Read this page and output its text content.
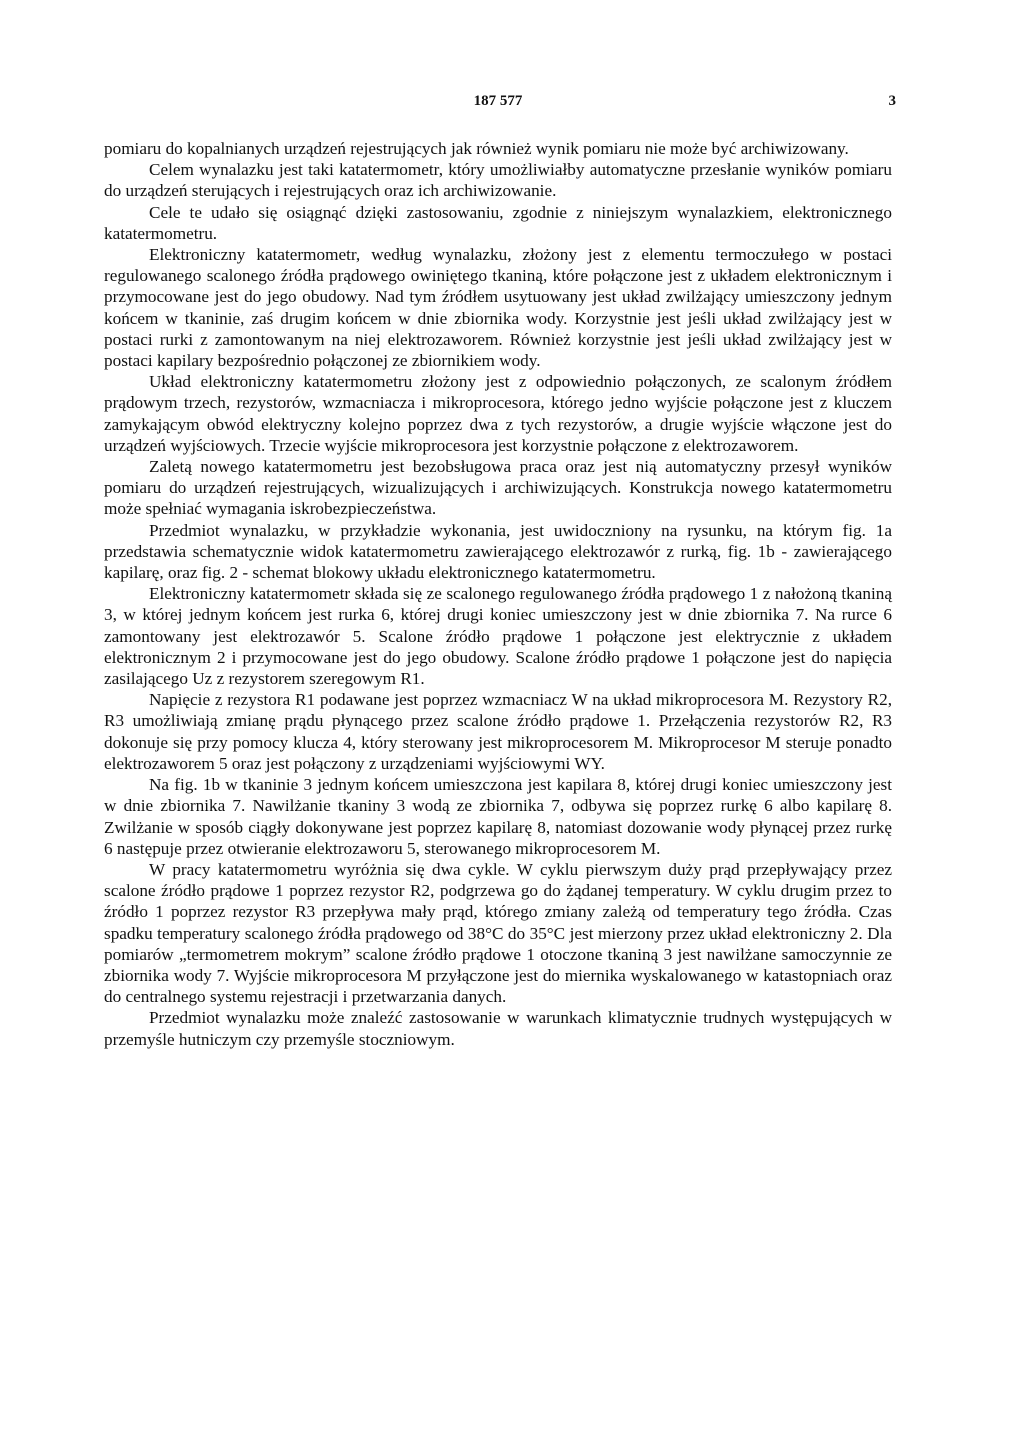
187 577	3

pomiaru do kopalnianych urządzeń rejestrujących jak również wynik pomiaru nie może być archiwizowany.

Celem wynalazku jest taki katatermometr, który umożliwiałby automatyczne przesłanie wyników pomiaru do urządzeń sterujących i rejestrujących oraz ich archiwizowanie.

Cele te udało się osiągnąć dzięki zastosowaniu, zgodnie z niniejszym wynalazkiem, elektronicznego katatermometru.

Elektroniczny katatermometr, według wynalazku, złożony jest z elementu termoczułego w postaci regulowanego scalonego źródła prądowego owiniętego tkaniną, które połączone jest z układem elektronicznym i przymocowane jest do jego obudowy. Nad tym źródłem usytuowany jest układ zwilżający umieszczony jednym końcem w tkaninie, zaś drugim końcem w dnie zbiornika wody. Korzystnie jest jeśli układ zwilżający jest w postaci rurki z zamontowanym na niej elektrozaworem. Również korzystnie jest jeśli układ zwilżający jest w postaci kapilary bezpośrednio połączonej ze zbiornikiem wody.

Układ elektroniczny katatermometru złożony jest z odpowiednio połączonych, ze scalonym źródłem prądowym trzech, rezystorów, wzmacniacza i mikroprocesora, którego jedno wyjście połączone jest z kluczem zamykającym obwód elektryczny kolejno poprzez dwa z tych rezystorów, a drugie wyjście włączone jest do urządzeń wyjściowych. Trzecie wyjście mikroprocesora jest korzystnie połączone z elektrozaworem.

Zaletą nowego katatermometru jest bezobsługowa praca oraz jest nią automatyczny przesył wyników pomiaru do urządzeń rejestrujących, wizualizujących i archiwizujących. Konstrukcja nowego katatermometru może spełniać wymagania iskrobezpieczeństwa.

Przedmiot wynalazku, w przykładzie wykonania, jest uwidoczniony na rysunku, na którym fig. 1a przedstawia schematycznie widok katatermometru zawierającego elektrozawór z rurką, fig. 1b - zawierającego kapilarę, oraz fig. 2 - schemat blokowy układu elektronicznego katatermometru.

Elektroniczny katatermometr składa się ze scalonego regulowanego źródła prądowego 1 z nałożoną tkaniną 3, w której jednym końcem jest rurka 6, której drugi koniec umieszczony jest w dnie zbiornika 7. Na rurce 6 zamontowany jest elektrozawór 5. Scalone źródło prądowe 1 połączone jest elektrycznie z układem elektronicznym 2 i przymocowane jest do jego obudowy. Scalone źródło prądowe 1 połączone jest do napięcia zasilającego Uz z rezystorem szeregowym R1.

Napięcie z rezystora R1 podawane jest poprzez wzmacniacz W na układ mikroprocesora M. Rezystory R2, R3 umożliwiają zmianę prądu płynącego przez scalone źródło prądowe 1. Przełączenia rezystorów R2, R3 dokonuje się przy pomocy klucza 4, który sterowany jest mikroprocesorem M. Mikroprocesor M steruje ponadto elektrozaworem 5 oraz jest połączony z urządzeniami wyjściowymi WY.

Na fig. 1b w tkaninie 3 jednym końcem umieszczona jest kapilara 8, której drugi koniec umieszczony jest w dnie zbiornika 7. Nawilżanie tkaniny 3 wodą ze zbiornika 7, odbywa się poprzez rurkę 6 albo kapilarę 8. Zwilżanie w sposób ciągły dokonywane jest poprzez kapilarę 8, natomiast dozowanie wody płynącej przez rurkę 6 następuje przez otwieranie elektrozaworu 5, sterowanego mikroprocesorem M.

W pracy katatermometru wyróżnia się dwa cykle. W cyklu pierwszym duży prąd przepływający przez scalone źródło prądowe 1 poprzez rezystor R2, podgrzewa go do żądanej temperatury. W cyklu drugim przez to źródło 1 poprzez rezystor R3 przepływa mały prąd, którego zmiany zależą od temperatury tego źródła. Czas spadku temperatury scalonego źródła prądowego od 38°C do 35°C jest mierzony przez układ elektroniczny 2. Dla pomiarów „termometrem mokrym” scalone źródło prądowe 1 otoczone tkaniną 3 jest nawilżane samoczynnie ze zbiornika wody 7. Wyjście mikroprocesora M przyłączone jest do miernika wyskalowanego w katastopniach oraz do centralnego systemu rejestracji i przetwarzania danych.

Przedmiot wynalazku może znaleźć zastosowanie w warunkach klimatycznie trudnych występujących w przemyśle hutniczym czy przemyśle stoczniowym.
